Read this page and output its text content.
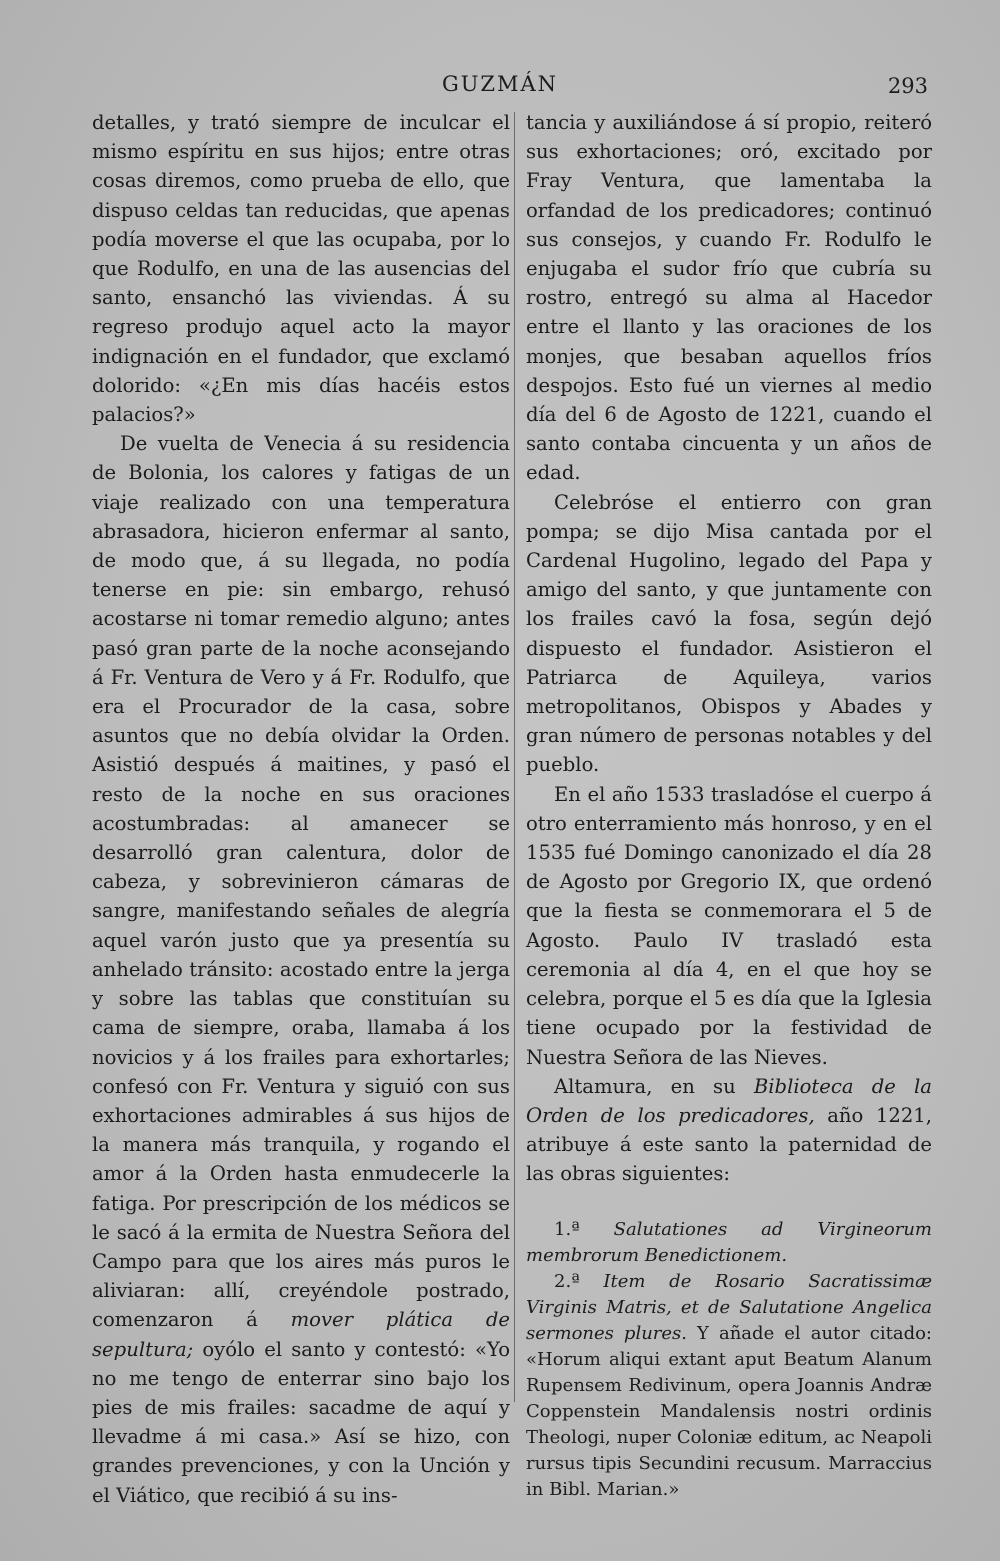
GUZMÁN	293

detalles, y trató siempre de inculcar el mismo espíritu en sus hijos; entre otras cosas diremos, como prueba de ello, que dispuso celdas tan reducidas, que apenas podía moverse el que las ocupaba, por lo que Rodulfo, en una de las ausencias del santo, ensanchó las viviendas. Á su regreso produjo aquel acto la mayor indignación en el fundador, que exclamó dolorido: «¿En mis días hacéis estos palacios?»

De vuelta de Venecia á su residencia de Bolonia, los calores y fatigas de un viaje realizado con una temperatura abrasadora, hicieron enfermar al santo, de modo que, á su llegada, no podía tenerse en pie: sin embargo, rehusó acostarse ni tomar remedio alguno; antes pasó gran parte de la noche aconsejando á Fr. Ventura de Vero y á Fr. Rodulfo, que era el Procurador de la casa, sobre asuntos que no debía olvidar la Orden. Asistió después á maitines, y pasó el resto de la noche en sus oraciones acostumbradas: al amanecer se desarrolló gran calentura, dolor de cabeza, y sobrevinieron cámaras de sangre, manifestando señales de alegría aquel varón justo que ya presentía su anhelado tránsito: acostado entre la jerga y sobre las tablas que constituían su cama de siempre, oraba, llamaba á los novicios y á los frailes para exhortarles; confesó con Fr. Ventura y siguió con sus exhortaciones admirables á sus hijos de la manera más tranquila, y rogando el amor á la Orden hasta enmudecerle la fatiga. Por prescripción de los médicos se le sacó á la ermita de Nuestra Señora del Campo para que los aires más puros le aliviaran: allí, creyéndole postrado, comenzaron á mover plática de sepultura; oyólo el santo y contestó: «Yo no me tengo de enterrar sino bajo los pies de mis frailes: sacadme de aquí y llevadme á mi casa.» Así se hizo, con grandes prevenciones, y con la Unción y el Viático, que recibió á su ins-

tancia y auxiliándose á sí propio, reiteró sus exhortaciones; oró, excitado por Fray Ventura, que lamentaba la orfandad de los predicadores; continuó sus consejos, y cuando Fr. Rodulfo le enjugaba el sudor frío que cubría su rostro, entregó su alma al Hacedor entre el llanto y las oraciones de los monjes, que besaban aquellos fríos despojos. Esto fué un viernes al medio día del 6 de Agosto de 1221, cuando el santo contaba cincuenta y un años de edad.

Celebróse el entierro con gran pompa; se dijo Misa cantada por el Cardenal Hugolino, legado del Papa y amigo del santo, y que juntamente con los frailes cavó la fosa, según dejó dispuesto el fundador. Asistieron el Patriarca de Aquileya, varios metropolitanos, Obispos y Abades y gran número de personas notables y del pueblo.

En el año 1533 trasladóse el cuerpo á otro enterramiento más honroso, y en el 1535 fué Domingo canonizado el día 28 de Agosto por Gregorio IX, que ordenó que la fiesta se conmemorara el 5 de Agosto. Paulo IV trasladó esta ceremonia al día 4, en el que hoy se celebra, porque el 5 es día que la Iglesia tiene ocupado por la festividad de Nuestra Señora de las Nieves.

Altamura, en su Biblioteca de la Orden de los predicadores, año 1221, atribuye á este santo la paternidad de las obras siguientes:

1.ª Salutationes ad Virgineorum membrorum Benedictionem.

2.ª Item de Rosario Sacratissimæ Virginis Matris, et de Salutatione Angelica sermones plures. Y añade el autor citado: «Horum aliqui extant aput Beatum Alanum Rupensem Redivinum, opera Joannis Andræ Coppenstein Mandalensis nostri ordinis Theologi, nuper Coloniæ editum, ac Neapoli rursus tipis Secundini recusum. Marraccius in Bibl. Marian.»
